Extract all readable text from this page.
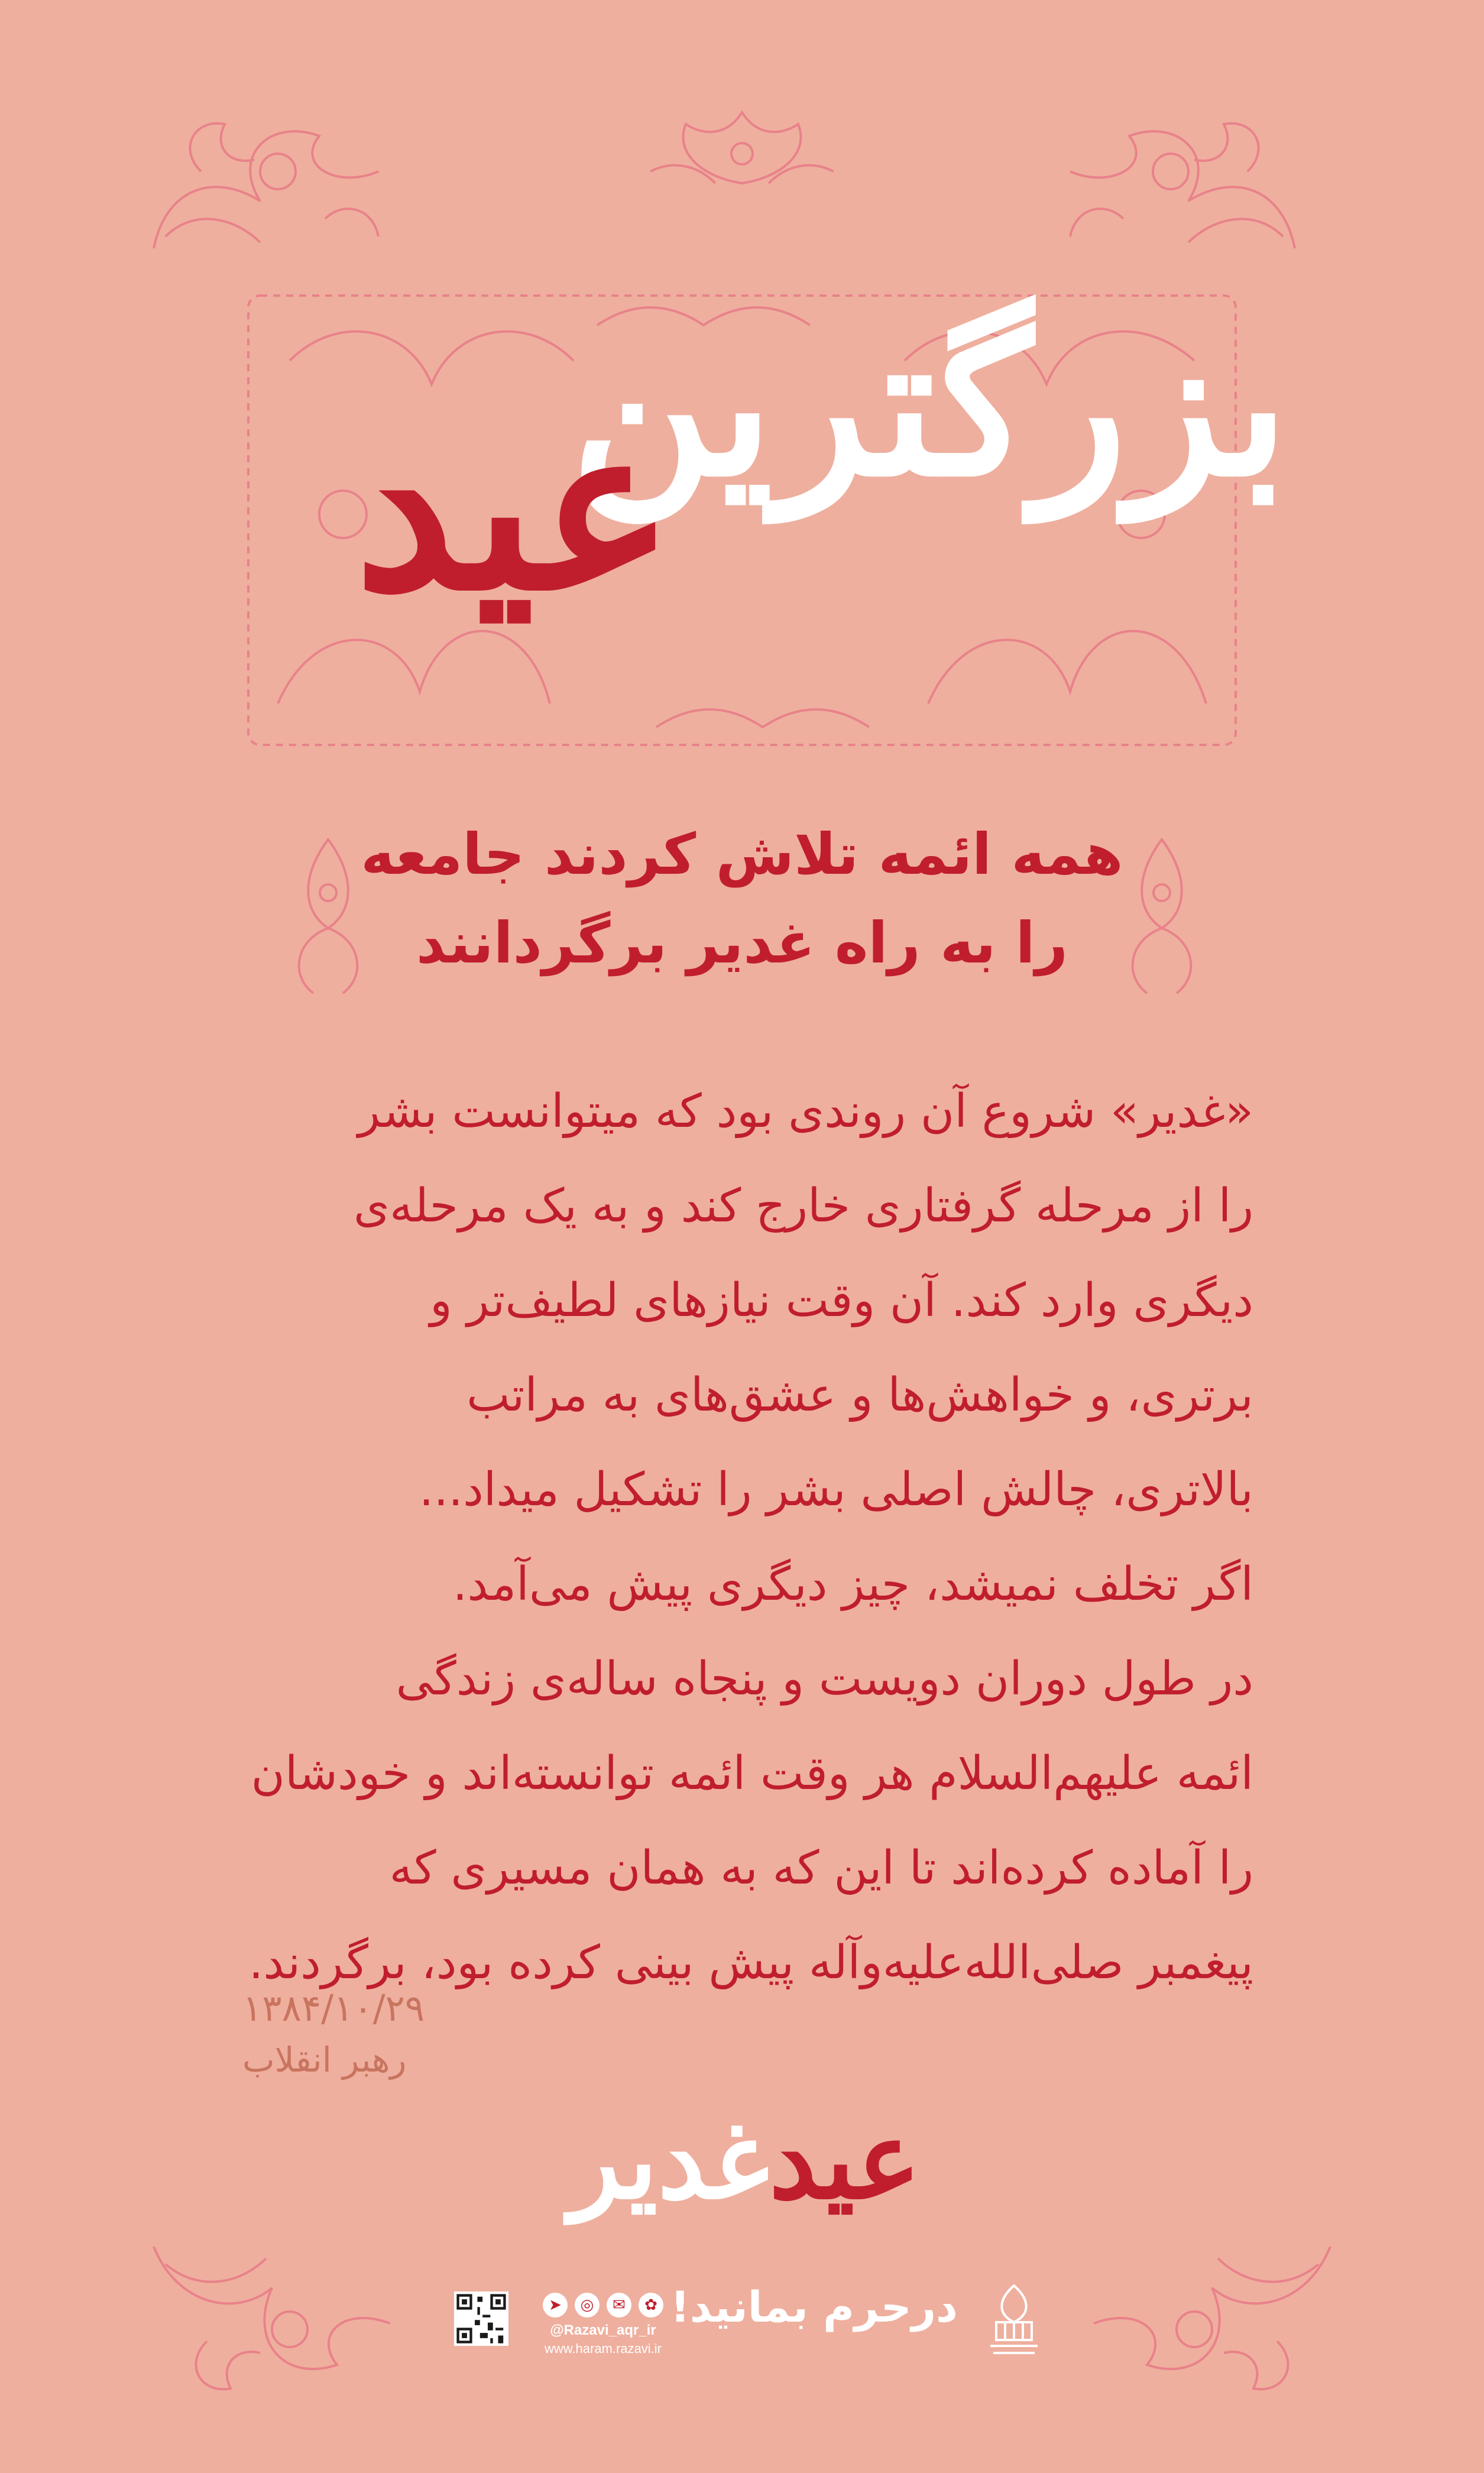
بزرگترین
عید
همه ائمه تلاش کردند جامعه
را به راه غدیر برگردانند
«غدیر» شروع آن روندی بود که میتوانست بشر
را از مرحله گرفتاری خارج کند و به یک مرحله‌ی
دیگری وارد کند. آن وقت نیازهای لطیف‌تر و
برتری، و خواهش‌ها و عشق‌های به مراتب
بالاتری، چالش اصلی بشر را تشکیل میداد...
اگر تخلف نمیشد، چیز دیگری پیش می‌آمد.
در طول دوران دویست و پنجاه ساله‌ی زندگی
ائمه علیهم‌السلام هر وقت ائمه توانسته‌اند و خودشان
را آماده کرده‌اند تا این که به همان مسیری که
پیغمبر صلی‌الله‌علیه‌وآله پیش بینی کرده بود، برگردند.
۱۳۸۴/۱۰/۲۹
رهبر انقلاب
عیدغدیر
➤	◎	✉	✿
@Razavi_aqr_ir
www.haram.razavi.ir
درحرم بمانید!
